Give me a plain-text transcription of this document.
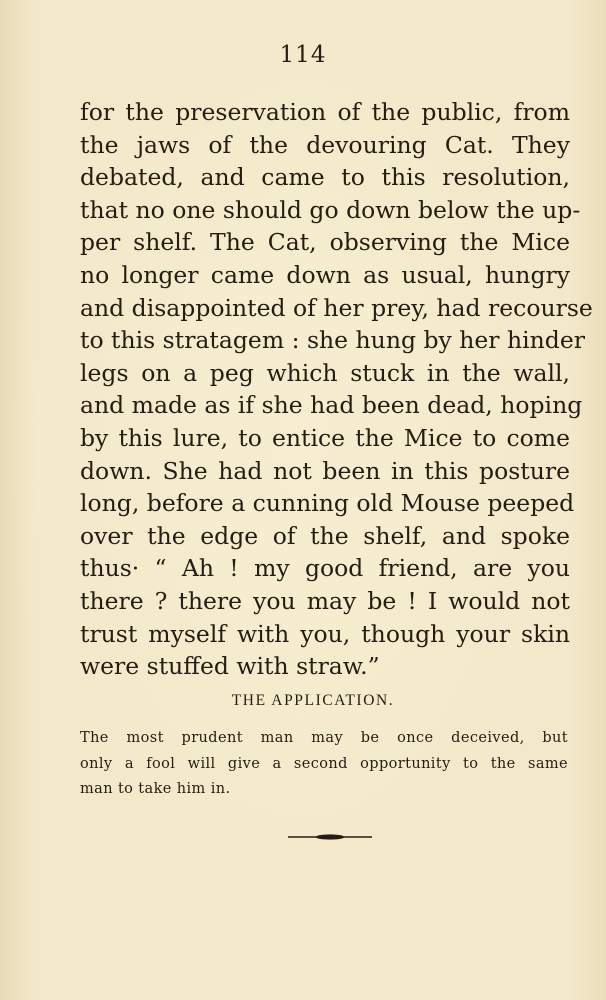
114
for the preservation of the public, from
the jaws of the devouring Cat. They
debated, and came to this resolution,
that no one should go down below the up-
per shelf. The Cat, observing the Mice
no longer came down as usual, hungry
and disappointed of her prey, had recourse
to this stratagem : she hung by her hinder
legs on a peg which stuck in the wall,
and made as if she had been dead, hoping
by this lure, to entice the Mice to come
down. She had not been in this posture
long, before a cunning old Mouse peeped
over the edge of the shelf, and spoke
thus· “ Ah ! my good friend, are you
there ? there you may be ! I would not
trust myself with you, though your skin
were stuffed with straw.”
THE APPLICATION.
The most prudent man may be once deceived, but
only a fool will give a second opportunity to the same
man to take him in.
